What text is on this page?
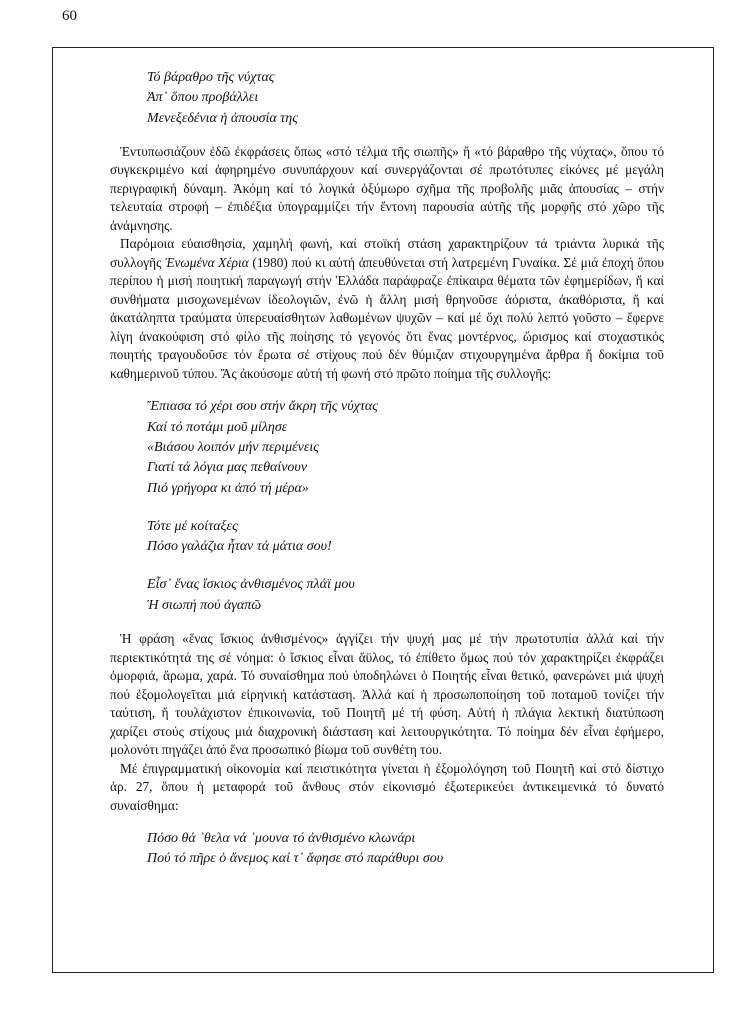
60
Τό βάραθρο τῆς νύχτας
Ἀπ᾽ ὅπου προβάλλει
Μενεξεδένια ἡ ἀπουσία της

Ἐντυπωσιάζουν ἐδῶ ἐκφράσεις ὅπως «στό τέλμα τῆς σιωπῆς» ἤ «τό βάραθρο τῆς νύχτας», ὅπου τό συγκεκριμένο καί ἀφηρημένο συνυπάρχουν καί συνεργάζονται σέ πρωτότυπες εἰκόνες μέ μεγάλη περιγραφική δύναμη. Ἀκόμη καί τό λογικά ὀξύμωρο σχῆμα τῆς προβολῆς μιᾶς ἀπουσίας – στήν τελευταία στροφή – ἐπιδέξια ὑπογραμμίζει τήν ἔντονη παρουσία αὐτῆς τῆς μορφῆς στό χῶρο τῆς ἀνάμνησης.

Παρόμοια εὐαισθησία, χαμηλή φωνή, καί στοϊκή στάση χαρακτηρίζουν τά τριάντα λυρικά τῆς συλλογῆς Ἑνωμένα Χέρια (1980) πού κι αὐτή ἀπευθύνεται στή λατρεμένη Γυναίκα. Σέ μιά ἐποχή ὅπου περίπου ἡ μισή ποιητική παραγωγή στήν Ἑλλάδα παράφραζε ἐπίκαιρα θέματα τῶν ἐφημερίδων, ἤ καί συνθήματα μισοχωνεμένων ἰδεολογιῶν, ἐνῶ ἡ ἄλλη μισή θρηνοῦσε ἀόριστα, ἀκαθόριστα, ἤ καί ἀκατάληπτα τραύματα ὑπερευαίσθητων λαθωμένων ψυχῶν – καί μέ ὄχι πολύ λεπτό γοῦστο – ἔφερνε λίγη ἀνακούφιση στό φίλο τῆς ποίησης τό γεγονός ὅτι ἕνας μοντέρνος, ὥρισμος καί στοχαστικός ποιητής τραγουδοῦσε τόν ἔρωτα σέ στίχους πού δέν θύμιζαν στιχουργημένα ἄρθρα ἤ δοκίμια τοῦ καθημερινοῦ τύπου. Ἄς ἀκούσομε αὐτή τή φωνή στό πρῶτο ποίημα τῆς συλλογῆς:

Ἔπιασα τό χέρι σου στήν ἄκρη τῆς νύχτας
Καί τό ποτάμι μοῦ μίλησε
«Βιάσου λοιπόν μήν περιμένεις
Γιατί τά λόγια μας πεθαίνουν
Πιό γρήγορα κι ἀπό τή μέρα»
Τότε μέ κοίταξες
Πόσο γαλάζια ἦταν τά μάτια σου!
Εἶσ᾽ ἕνας ἴσκιος ἀνθισμένος πλάϊ μου
Ἡ σιωπή πού ἀγαπῶ

Ἡ φράση «ἕνας ἴσκιος ἀνθισμένος» ἀγγίζει τήν ψυχή μας μέ τήν πρωτοτυπία ἀλλά καί τήν περιεκτικότητά της σέ νόημα: ὁ ἴσκιος εἶναι ἄϋλος, τό ἐπίθετο ὅμως πού τόν χαρακτηρίζει ἐκφράζει ὀμορφιά, ἄρωμα, χαρά. Τό συναίσθημα πού ὑποδηλώνει ὁ Ποιητής εἶναι θετικό, φανερώνει μιά ψυχή πού ἐξομολογεῖται μιά εἰρηνική κατάσταση. Ἀλλά καί ἡ προσωποποίηση τοῦ ποταμοῦ τονίζει τήν ταύτιση, ἤ τουλάχιστον ἐπικοινωνία, τοῦ Ποιητῆ μέ τή φύση. Αὐτή ἡ πλάγια λεκτική διατύπωση χαρίζει στούς στίχους μιά διαχρονική διάσταση καί λειτουργικότητα. Τό ποίημα δέν εἶναι ἐφήμερο, μολονότι πηγάζει ἀπό ἕνα προσωπικό βίωμα τοῦ συνθέτη του.

Μέ ἐπιγραμματική οἰκονομία καί πειστικότητα γίνεται ἡ ἐξομολόγηση τοῦ Ποιητῆ καί στό δίστιχο ἀρ. 27, ὅπου ἡ μεταφορά τοῦ ἄνθους στόν εἰκονισμό ἐξωτερικεύει ἀντικειμενικά τό δυνατό συναίσθημα:

Πόσο θά ᾽θελα νά ᾽μουνα τό ἀνθισμένο κλωνάρι
Πού τό πῆρε ὁ ἄνεμος καί τ᾽ ἄφησε στό παράθυρι σου
